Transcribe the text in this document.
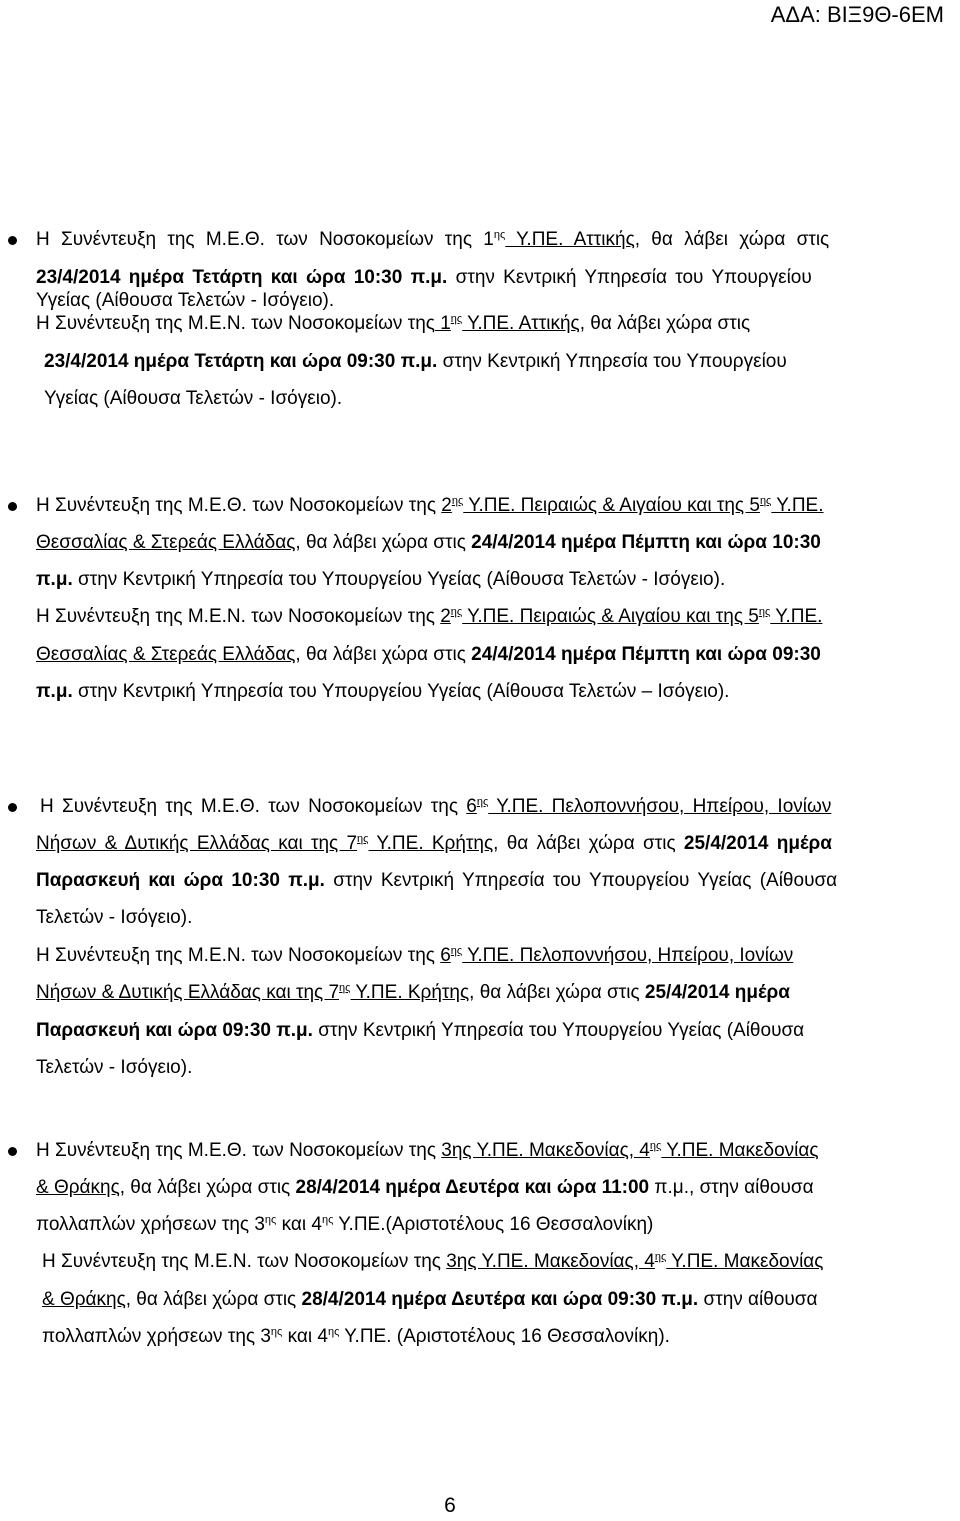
ΑΔΑ: ΒΙΞ9Θ-6ΕΜ
Η Συνέντευξη της Μ.Ε.Θ. των Νοσοκομείων της $1^{\eta\varsigma}$ Υ.ΠΕ. Αττικής, θα λάβει χώρα στις
23/4/2014 ημέρα Τετάρτη και ώρα 10:30 π.μ. στην Κεντρική Υπηρεσία του Υπουργείου
Υγείας (Αίθουσα Τελετών - Ισόγειο).
Η Συνέντευξη της Μ.Ε.Ν. των Νοσοκομείων της $1^{\eta\varsigma}$ Υ.ΠΕ. Αττικής, θα λάβει χώρα στις
23/4/2014 ημέρα Τετάρτη και ώρα 09:30 π.μ. στην Κεντρική Υπηρεσία του Υπουργείου
Υγείας (Αίθουσα Τελετών - Ισόγειο).
Η Συνέντευξη της Μ.Ε.Θ. των Νοσοκομείων της $2^{\eta\varsigma}$ Υ.ΠΕ. Πειραιώς & Αιγαίου και της $5^{\eta\varsigma}$ Υ.ΠΕ.
Θεσσαλίας & Στερεάς Ελλάδας, θα λάβει χώρα στις 24/4/2014 ημέρα Πέμπτη και ώρα 10:30
π.μ. στην Κεντρική Υπηρεσία του Υπουργείου Υγείας (Αίθουσα Τελετών - Ισόγειο).
Η Συνέντευξη της Μ.Ε.Ν. των Νοσοκομείων της $2^{\eta\varsigma}$ Υ.ΠΕ. Πειραιώς & Αιγαίου και της $5^{\eta\varsigma}$ Υ.ΠΕ.
Θεσσαλίας & Στερεάς Ελλάδας, θα λάβει χώρα στις 24/4/2014 ημέρα Πέμπτη και ώρα 09:30
π.μ. στην Κεντρική Υπηρεσία του Υπουργείου Υγείας (Αίθουσα Τελετών – Ισόγειο).
Η Συνέντευξη της Μ.Ε.Θ. των Νοσοκομείων της $6^{\eta\varsigma}$ Υ.ΠΕ. Πελοποννήσου, Ηπείρου, Ιονίων
Νήσων & Δυτικής Ελλάδας και της $7^{\eta\varsigma}$ Υ.ΠΕ. Κρήτης, θα λάβει χώρα στις 25/4/2014 ημέρα
Παρασκευή και ώρα 10:30 π.μ. στην Κεντρική Υπηρεσία του Υπουργείου Υγείας (Αίθουσα
Τελετών - Ισόγειο).
Η Συνέντευξη της Μ.Ε.Ν. των Νοσοκομείων της $6^{\eta\varsigma}$ Υ.ΠΕ. Πελοποννήσου, Ηπείρου, Ιονίων
Νήσων & Δυτικής Ελλάδας και της $7^{\eta\varsigma}$ Υ.ΠΕ. Κρήτης, θα λάβει χώρα στις 25/4/2014 ημέρα
Παρασκευή και ώρα 09:30 π.μ. στην Κεντρική Υπηρεσία του Υπουργείου Υγείας (Αίθουσα
Τελετών - Ισόγειο).
Η Συνέντευξη της Μ.Ε.Θ. των Νοσοκομείων της 3ης Υ.ΠΕ. Μακεδονίας, $4^{\eta\varsigma}$ Υ.ΠΕ. Μακεδονίας
& Θράκης, θα λάβει χώρα στις 28/4/2014 ημέρα Δευτέρα και ώρα 11:00 π.μ., στην αίθουσα
πολλαπλών χρήσεων της $3^{\eta\varsigma}$ και $4^{\eta\varsigma}$ Υ.ΠΕ.(Αριστοτέλους 16 Θεσσαλονίκη)
Η Συνέντευξη της Μ.Ε.Ν. των Νοσοκομείων της 3ης Υ.ΠΕ. Μακεδονίας, $4^{\eta\varsigma}$ Υ.ΠΕ. Μακεδονίας
& Θράκης, θα λάβει χώρα στις 28/4/2014 ημέρα Δευτέρα και ώρα 09:30 π.μ. στην αίθουσα
πολλαπλών χρήσεων της $3^{\eta\varsigma}$ και $4^{\eta\varsigma}$ Υ.ΠΕ. (Αριστοτέλους 16 Θεσσαλονίκη).
6
